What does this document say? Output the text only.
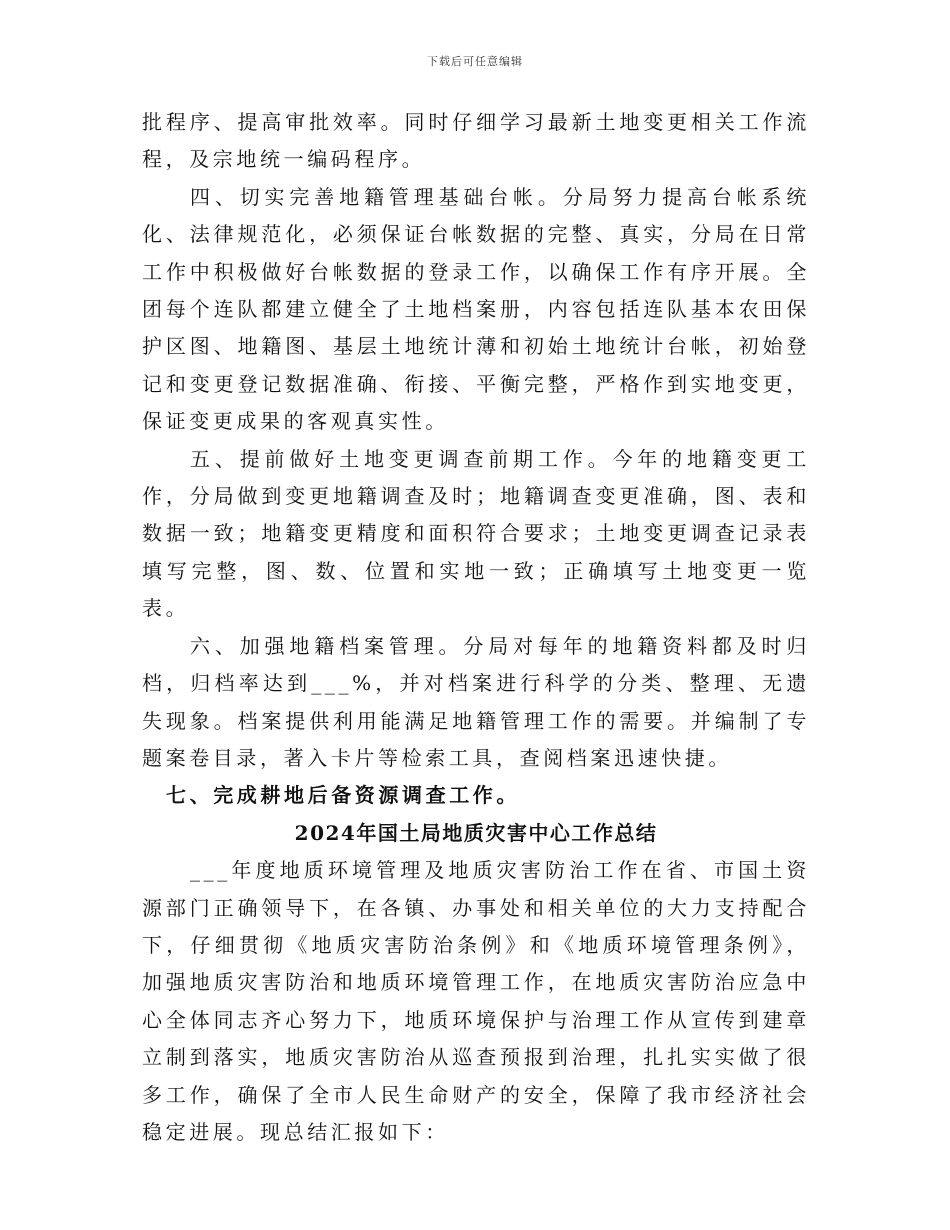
下载后可任意编辑

批程序、提高审批效率。同时仔细学习最新土地变更相关工作流程，及宗地统一编码程序。

四、切实完善地籍管理基础台帐。分局努力提高台帐系统化、法律规范化，必须保证台帐数据的完整、真实，分局在日常工作中积极做好台帐数据的登录工作，以确保工作有序开展。全团每个连队都建立健全了土地档案册，内容包括连队基本农田保护区图、地籍图、基层土地统计薄和初始土地统计台帐，初始登记和变更登记数据准确、衔接、平衡完整，严格作到实地变更，保证变更成果的客观真实性。

五、提前做好土地变更调查前期工作。今年的地籍变更工作，分局做到变更地籍调查及时；地籍调查变更准确，图、表和数据一致；地籍变更精度和面积符合要求；土地变更调查记录表填写完整，图、数、位置和实地一致；正确填写土地变更一览表。

六、加强地籍档案管理。分局对每年的地籍资料都及时归档，归档率达到___%，并对档案进行科学的分类、整理、无遗失现象。档案提供利用能满足地籍管理工作的需要。并编制了专题案卷目录，著入卡片等检索工具，查阅档案迅速快捷。

七、完成耕地后备资源调查工作。

2024年国土局地质灾害中心工作总结

___年度地质环境管理及地质灾害防治工作在省、市国土资源部门正确领导下，在各镇、办事处和相关单位的大力支持配合下，仔细贯彻《地质灾害防治条例》和《地质环境管理条例》，加强地质灾害防治和地质环境管理工作，在地质灾害防治应急中心全体同志齐心努力下，地质环境保护与治理工作从宣传到建章立制到落实，地质灾害防治从巡查预报到治理，扎扎实实做了很多工作，确保了全市人民生命财产的安全，保障了我市经济社会稳定进展。现总结汇报如下：
